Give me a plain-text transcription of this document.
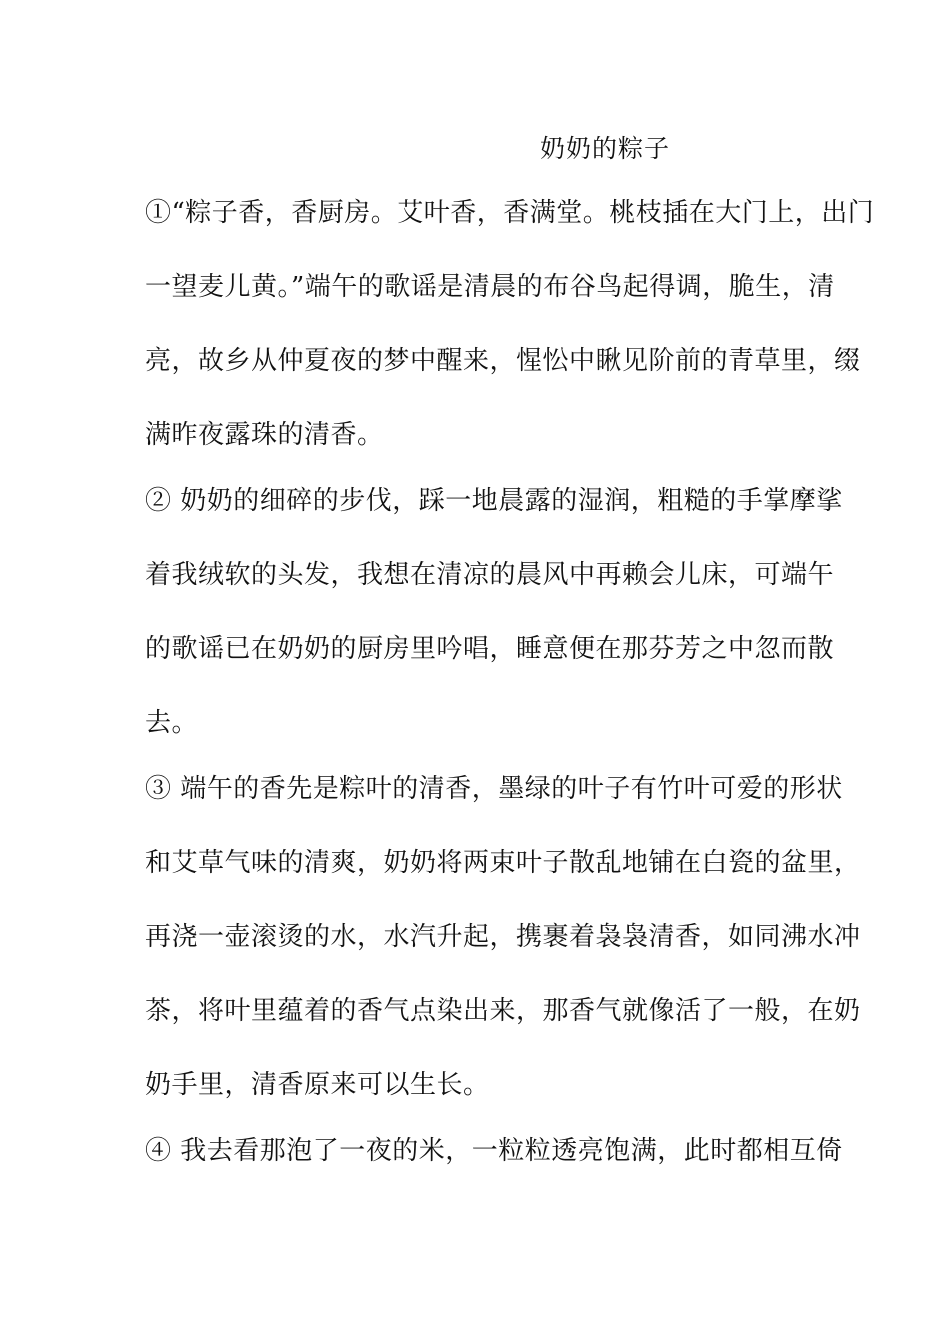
奶奶的粽子
①“粽子香，香厨房。艾叶香，香满堂。桃枝插在大门上，出门
一望麦儿黄。”端午的歌谣是清晨的布谷鸟起得调，脆生，清
亮，故乡从仲夏夜的梦中醒来，惺忪中瞅见阶前的青草里，缀
满昨夜露珠的清香。
② 奶奶的细碎的步伐，踩一地晨露的湿润，粗糙的手掌摩挲
着我绒软的头发，我想在清凉的晨风中再赖会儿床，可端午
的歌谣已在奶奶的厨房里吟唱，睡意便在那芬芳之中忽而散
去。
③ 端午的香先是粽叶的清香，墨绿的叶子有竹叶可爱的形状
和艾草气味的清爽，奶奶将两束叶子散乱地铺在白瓷的盆里，
再浇一壶滚烫的水，水汽升起，携裹着袅袅清香，如同沸水冲
茶，将叶里蕴着的香气点染出来，那香气就像活了一般，在奶
奶手里，清香原来可以生长。
④ 我去看那泡了一夜的米，一粒粒透亮饱满，此时都相互倚
